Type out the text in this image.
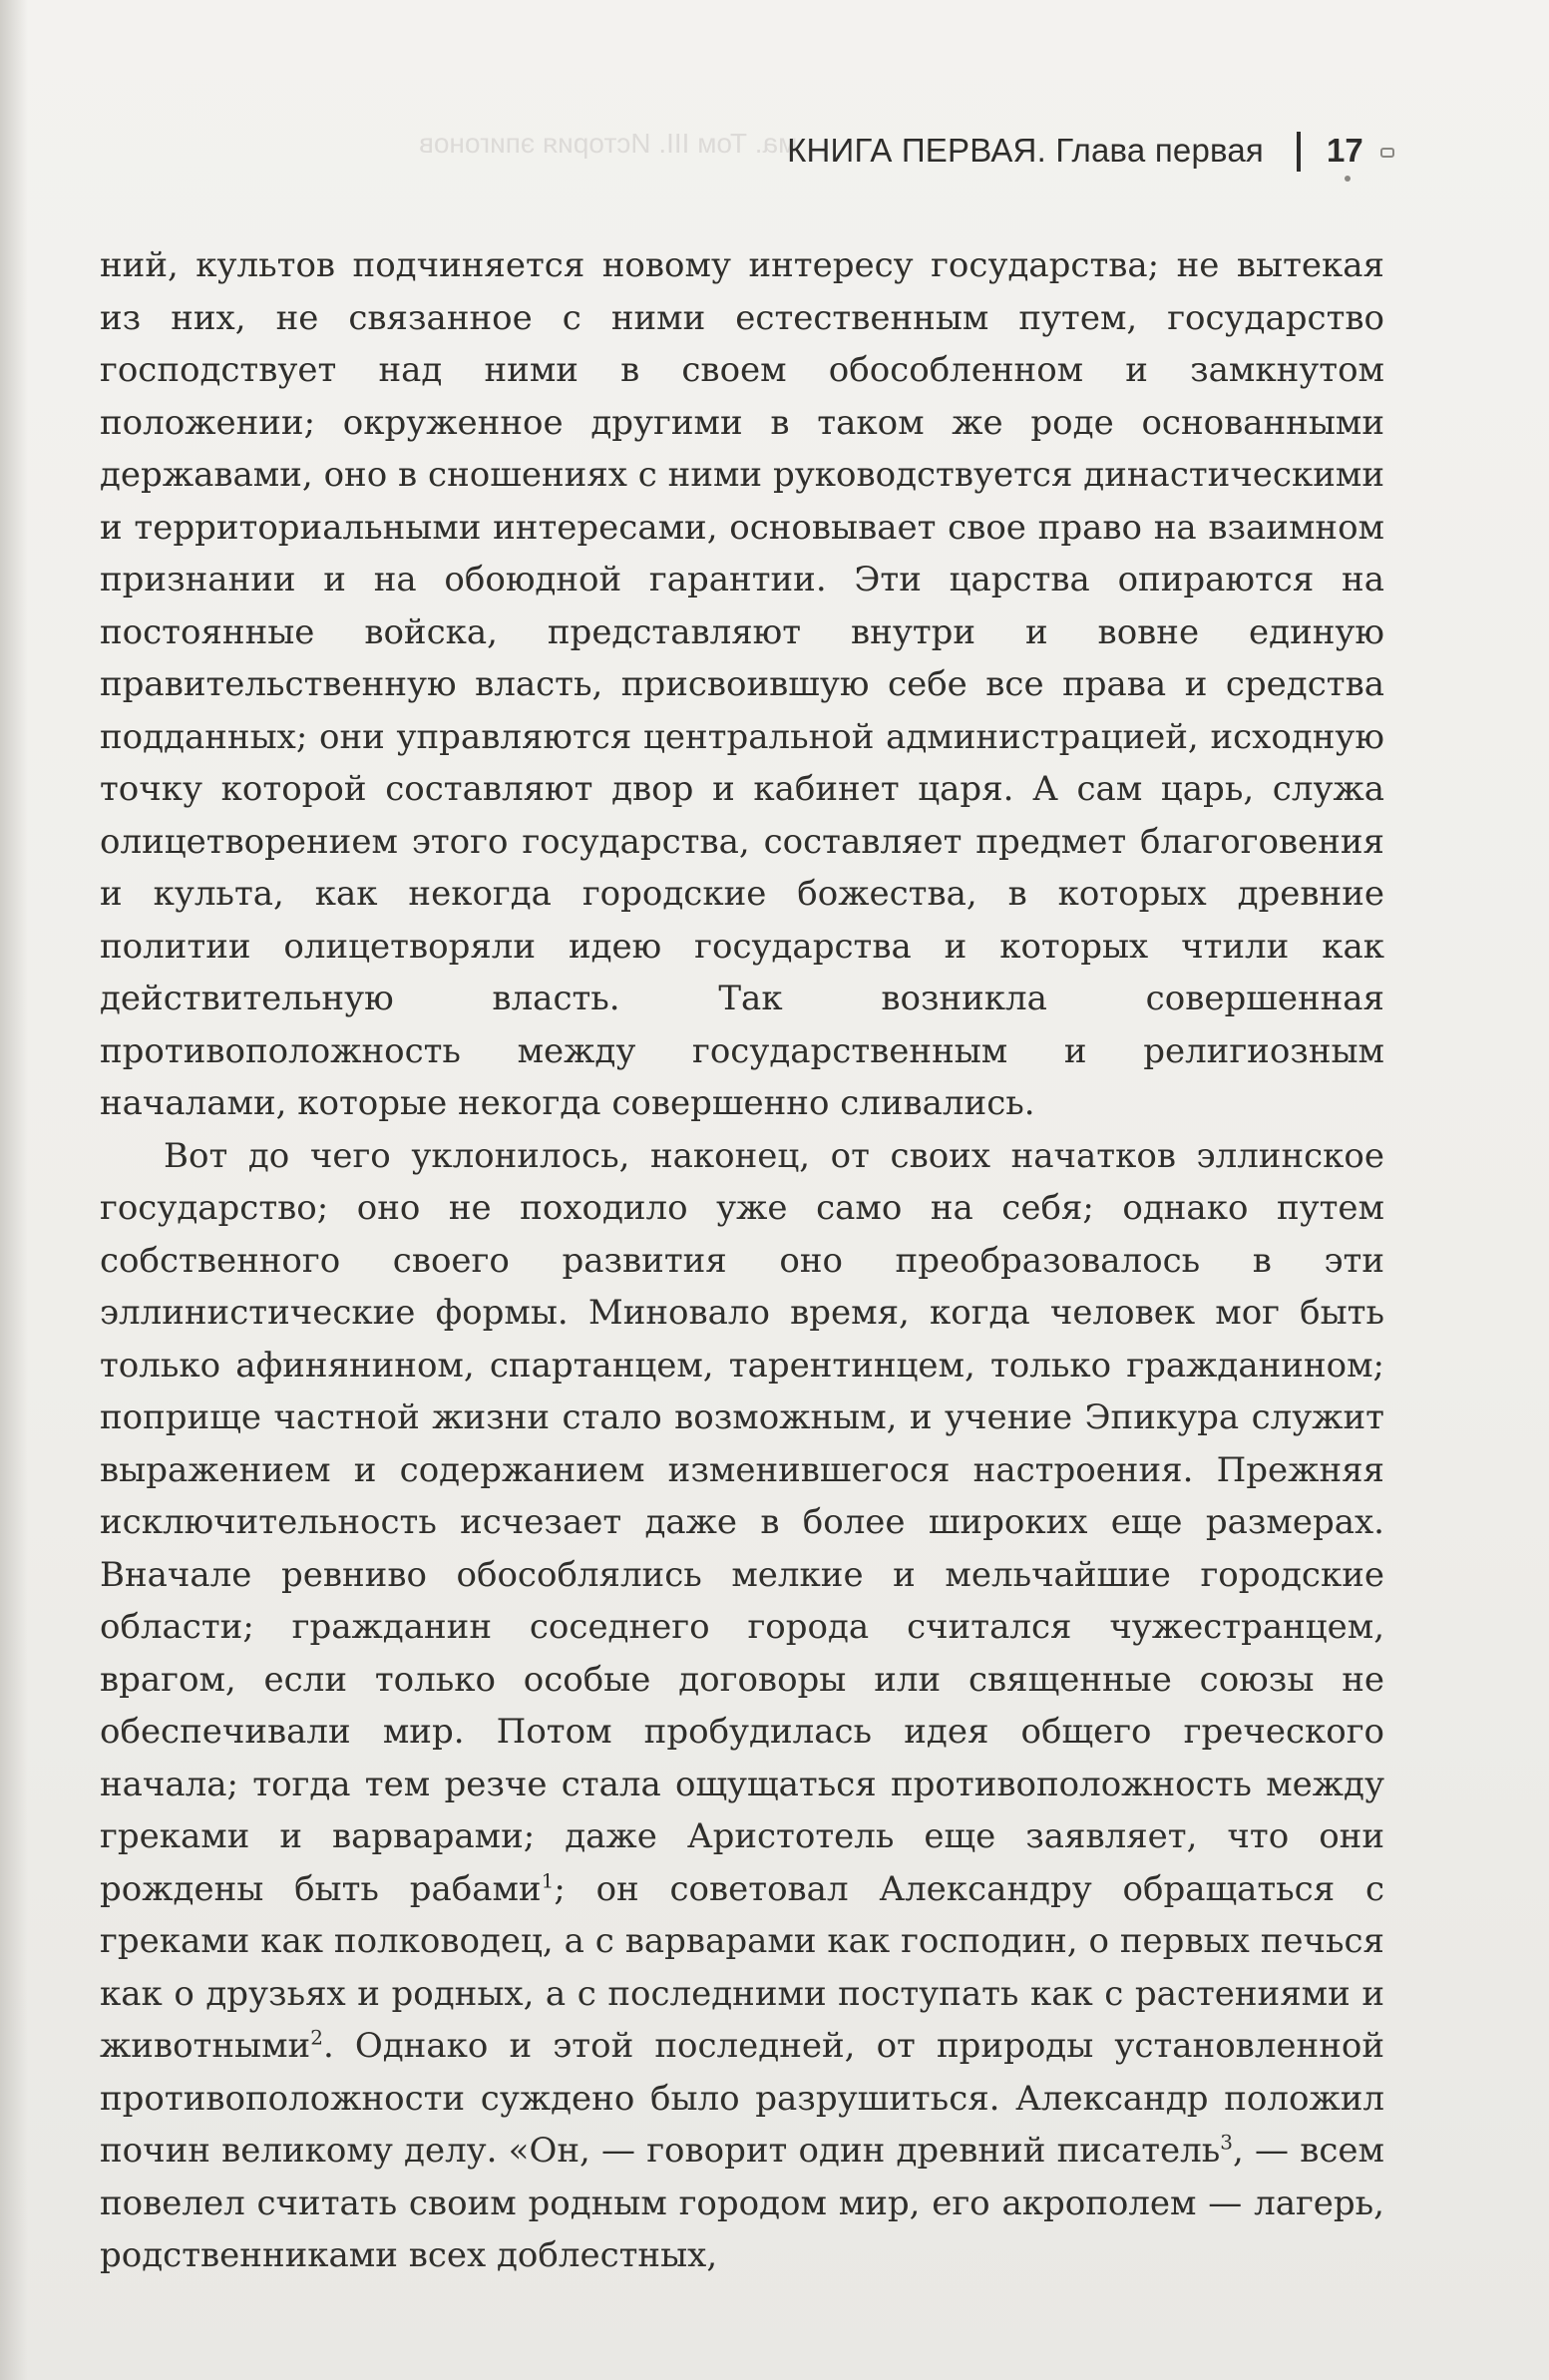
ма. Том III. История эпигонов
КНИГА ПЕРВАЯ. Глава первая 17

ний, культов подчиняется новому интересу государства; не вытекая из них, не связанное с ними естественным путем, государство господствует над ними в своем обособленном и замкнутом положении; окруженное другими в таком же роде основанными державами, оно в сношениях с ними руководствуется династическими и территориальными интересами, основывает свое право на взаимном признании и на обоюдной гарантии. Эти царства опираются на постоянные войска, представляют внутри и вовне единую правительственную власть, присвоившую себе все права и средства подданных; они управляются центральной администрацией, исходную точку которой составляют двор и кабинет царя. А сам царь, служа олицетворением этого государства, составляет предмет благоговения и культа, как некогда городские божества, в которых древние политии олицетворяли идею государства и которых чтили как действительную власть. Так возникла совершенная противоположность между государственным и религиозным началами, которые некогда совершенно сливались.

Вот до чего уклонилось, наконец, от своих начатков эллинское государство; оно не походило уже само на себя; однако путем собственного своего развития оно преобразовалось в эти эллинистические формы. Миновало время, когда человек мог быть только афинянином, спартанцем, тарентинцем, только гражданином; поприще частной жизни стало возможным, и учение Эпикура служит выражением и содержанием изменившегося настроения. Прежняя исключительность исчезает даже в более широких еще размерах. Вначале ревниво обособлялись мелкие и мельчайшие городские области; гражданин соседнего города считался чужестранцем, врагом, если только особые договоры или священные союзы не обеспечивали мир. Потом пробудилась идея общего греческого начала; тогда тем резче стала ощущаться противоположность между греками и варварами; даже Аристотель еще заявляет, что они рождены быть рабами$^1$; он советовал Александру обращаться с греками как полководец, а с варварами как господин, о первых печься как о друзьях и родных, а с последними поступать как с растениями и животными$^2$. Однако и этой последней, от природы установленной противоположности суждено было разрушиться. Александр положил почин великому делу. «Он, — говорит один древний писатель$^3$, — всем повелел считать своим родным городом мир, его акрополем — лагерь, родственниками всех доблестных,
